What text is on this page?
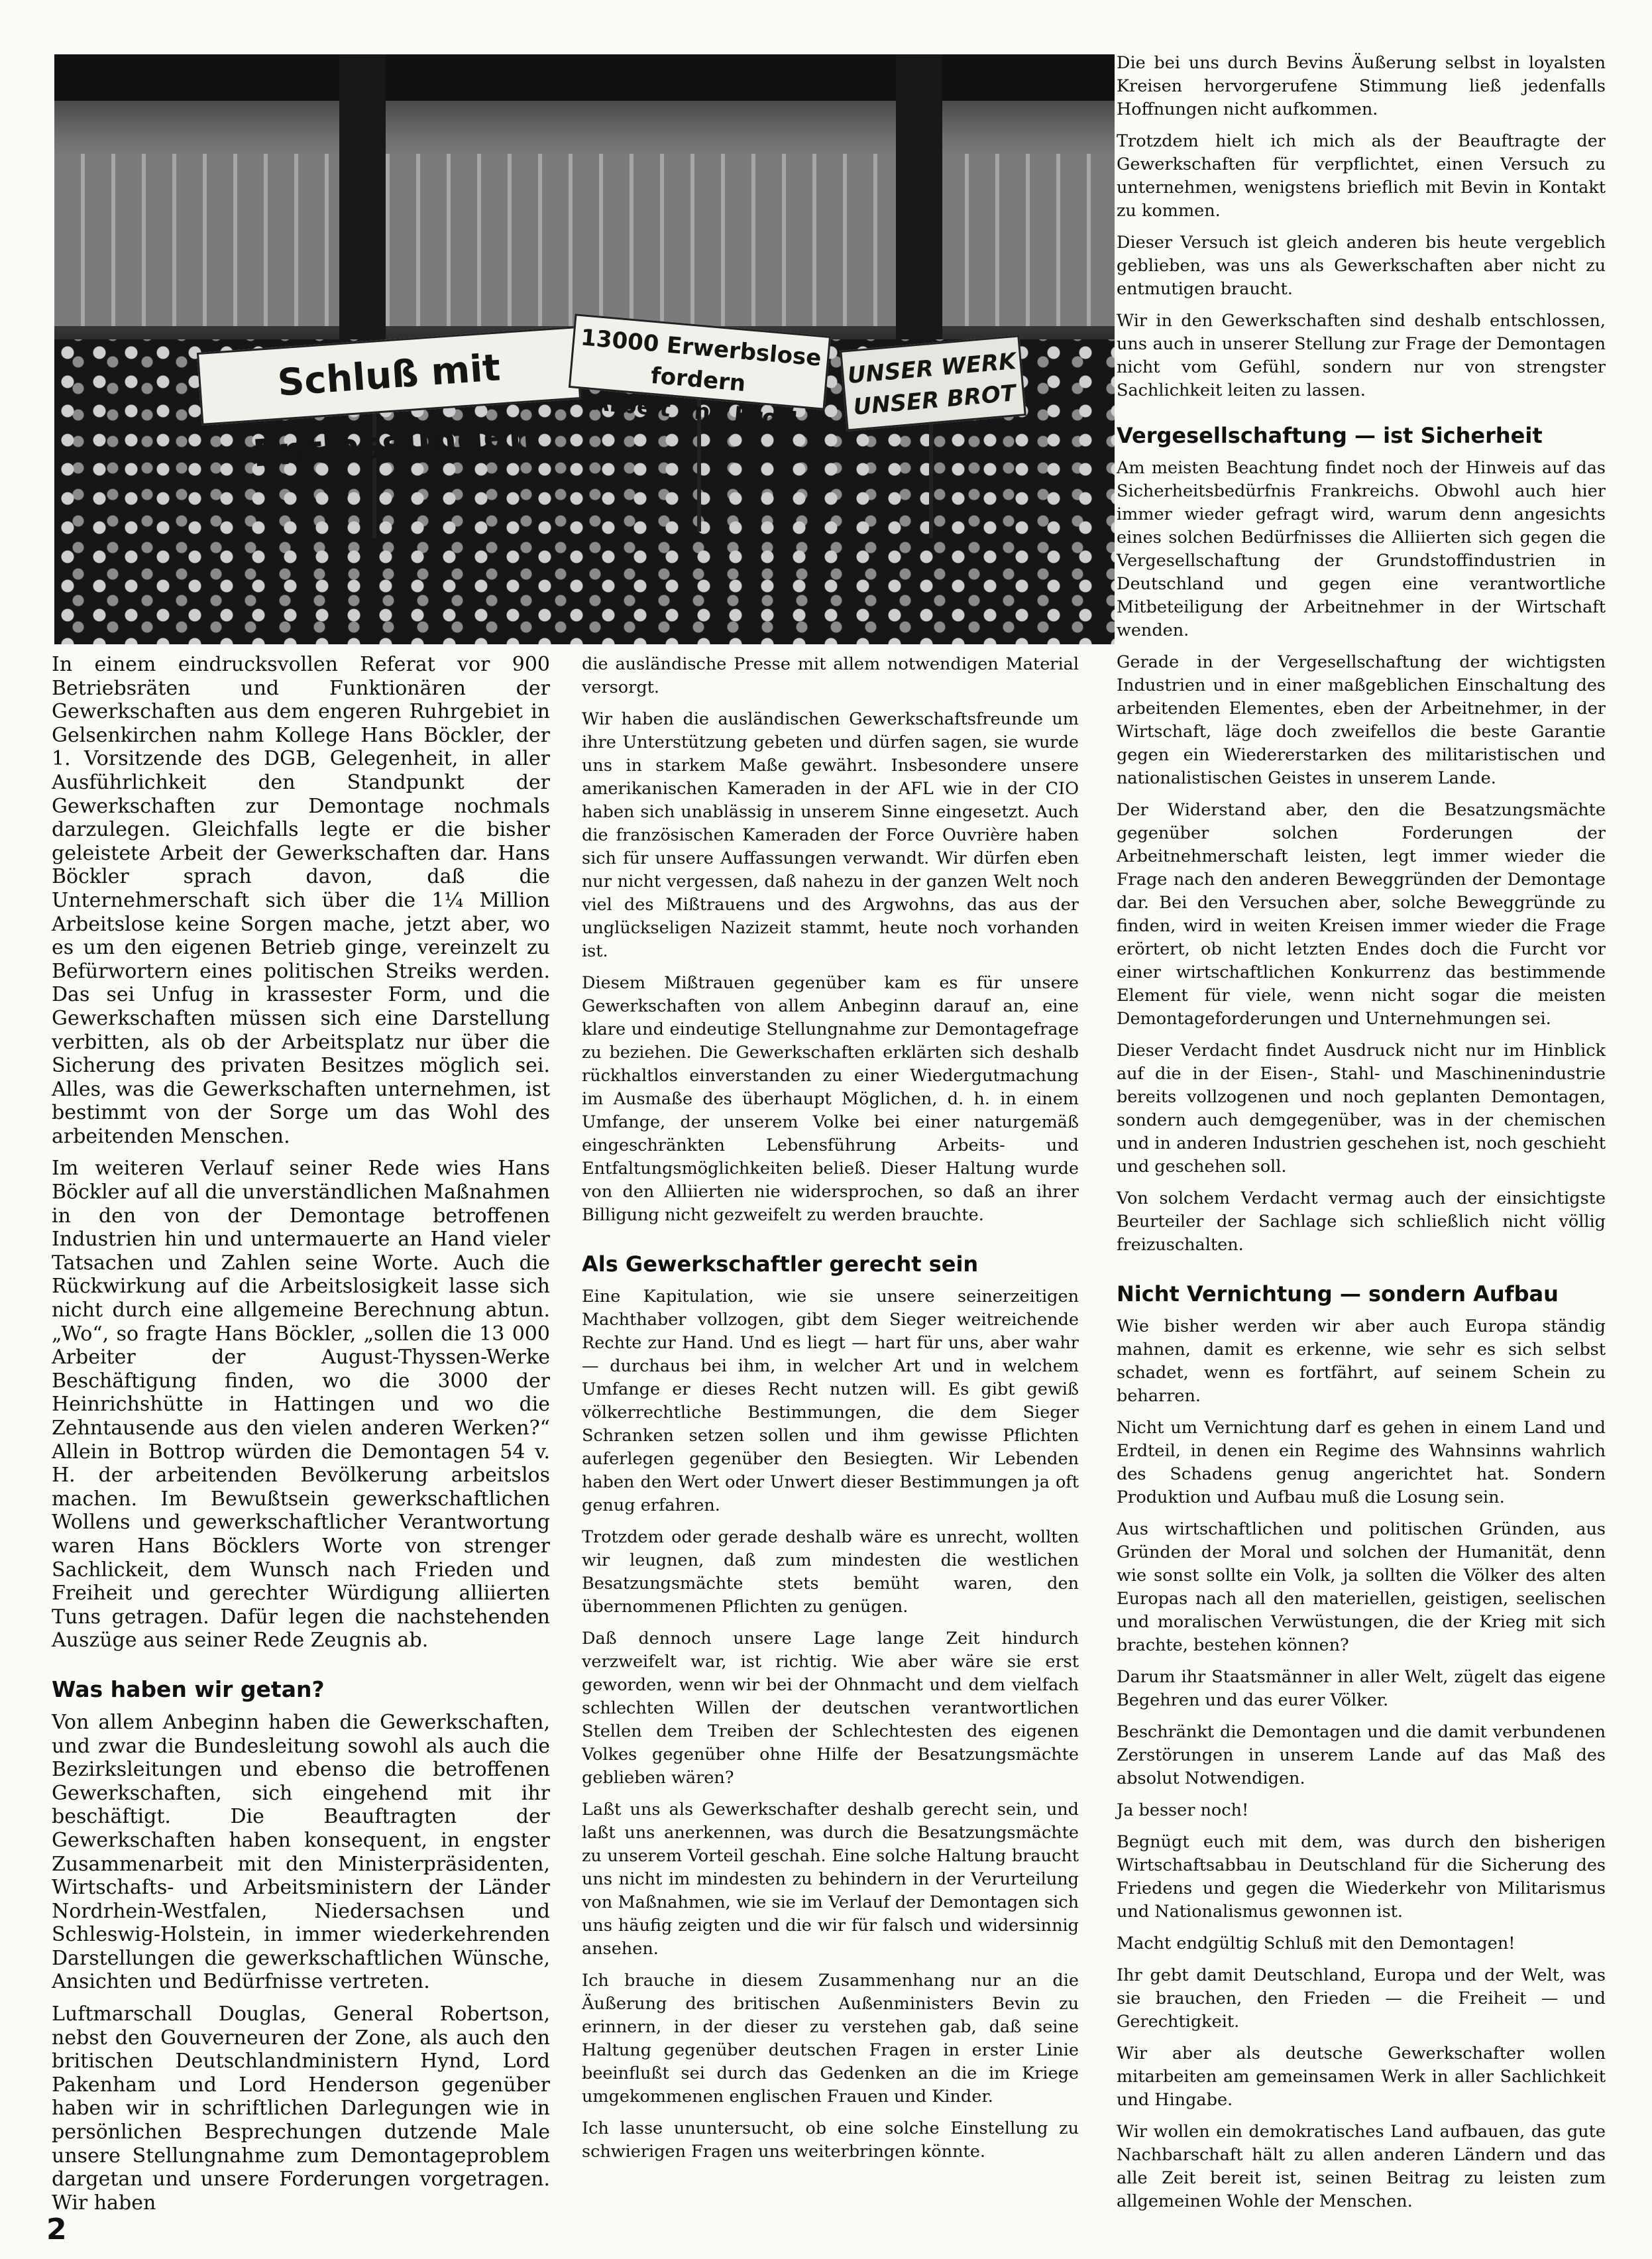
Schluß mit Entlassungen
13000 Erwerbslose fordern
Arbeit und Brot!
UNSER WERK
UNSER BROT

In einem eindrucksvollen Referat vor 900 Betriebsräten und Funktionären der Gewerkschaften aus dem engeren Ruhrgebiet in Gelsenkirchen nahm Kollege Hans Böckler, der 1. Vorsitzende des DGB, Gelegenheit, in aller Ausführlichkeit den Standpunkt der Gewerkschaften zur Demontage nochmals darzulegen. Gleichfalls legte er die bisher geleistete Arbeit der Gewerkschaften dar. Hans Böckler sprach davon, daß die Unternehmerschaft sich über die 1¼ Million Arbeitslose keine Sorgen mache, jetzt aber, wo es um den eigenen Betrieb ginge, vereinzelt zu Befürwortern eines politischen Streiks werden. Das sei Unfug in krassester Form, und die Gewerkschaften müssen sich eine Darstellung verbitten, als ob der Arbeitsplatz nur über die Sicherung des privaten Besitzes möglich sei. Alles, was die Gewerkschaften unternehmen, ist bestimmt von der Sorge um das Wohl des arbeitenden Menschen.

Im weiteren Verlauf seiner Rede wies Hans Böckler auf all die unverständlichen Maßnahmen in den von der Demontage betroffenen Industrien hin und untermauerte an Hand vieler Tatsachen und Zahlen seine Worte. Auch die Rückwirkung auf die Arbeitslosigkeit lasse sich nicht durch eine allgemeine Berechnung abtun. „Wo“, so fragte Hans Böckler, „sollen die 13 000 Arbeiter der August-Thyssen-Werke Beschäftigung finden, wo die 3000 der Heinrichshütte in Hattingen und wo die Zehntausende aus den vielen anderen Werken?“ Allein in Bottrop würden die Demontagen 54 v. H. der arbeitenden Bevölkerung arbeitslos machen. Im Bewußtsein gewerkschaftlichen Wollens und gewerkschaftlicher Verantwortung waren Hans Böcklers Worte von strenger Sachlickeit, dem Wunsch nach Frieden und Freiheit und gerechter Würdigung alliierten Tuns getragen. Dafür legen die nachstehenden Auszüge aus seiner Rede Zeugnis ab.

Was haben wir getan?

Von allem Anbeginn haben die Gewerkschaften, und zwar die Bundesleitung sowohl als auch die Bezirksleitungen und ebenso die betroffenen Gewerkschaften, sich eingehend mit ihr beschäftigt. Die Beauftragten der Gewerkschaften haben konsequent, in engster Zusammenarbeit mit den Ministerpräsidenten, Wirtschafts- und Arbeitsministern der Länder Nordrhein-Westfalen, Niedersachsen und Schleswig-Holstein, in immer wiederkehrenden Darstellungen die gewerkschaftlichen Wünsche, Ansichten und Bedürfnisse vertreten.

Luftmarschall Douglas, General Robertson, nebst den Gouverneuren der Zone, als auch den britischen Deutschlandministern Hynd, Lord Pakenham und Lord Henderson gegenüber haben wir in schriftlichen Darlegungen wie in persönlichen Besprechungen dutzende Male unsere Stellungnahme zum Demontageproblem dargetan und unsere Forderungen vorgetragen. Wir haben

die ausländische Presse mit allem notwendigen Material versorgt.

Wir haben die ausländischen Gewerkschaftsfreunde um ihre Unterstützung gebeten und dürfen sagen, sie wurde uns in starkem Maße gewährt. Insbesondere unsere amerikanischen Kameraden in der AFL wie in der CIO haben sich unablässig in unserem Sinne eingesetzt. Auch die französischen Kameraden der Force Ouvrière haben sich für unsere Auffassungen verwandt. Wir dürfen eben nur nicht vergessen, daß nahezu in der ganzen Welt noch viel des Mißtrauens und des Argwohns, das aus der unglückseligen Nazizeit stammt, heute noch vorhanden ist.

Diesem Mißtrauen gegenüber kam es für unsere Gewerkschaften von allem Anbeginn darauf an, eine klare und eindeutige Stellungnahme zur Demontagefrage zu beziehen. Die Gewerkschaften erklärten sich deshalb rückhaltlos einverstanden zu einer Wiedergutmachung im Ausmaße des überhaupt Möglichen, d. h. in einem Umfange, der unserem Volke bei einer naturgemäß eingeschränkten Lebensführung Arbeits- und Entfaltungsmöglichkeiten beließ. Dieser Haltung wurde von den Alliierten nie widersprochen, so daß an ihrer Billigung nicht gezweifelt zu werden brauchte.

Als Gewerkschaftler gerecht sein

Eine Kapitulation, wie sie unsere seinerzeitigen Machthaber vollzogen, gibt dem Sieger weitreichende Rechte zur Hand. Und es liegt — hart für uns, aber wahr — durchaus bei ihm, in welcher Art und in welchem Umfange er dieses Recht nutzen will. Es gibt gewiß völkerrechtliche Bestimmungen, die dem Sieger Schranken setzen sollen und ihm gewisse Pflichten auferlegen gegenüber den Besiegten. Wir Lebenden haben den Wert oder Unwert dieser Bestimmungen ja oft genug erfahren.

Trotzdem oder gerade deshalb wäre es unrecht, wollten wir leugnen, daß zum mindesten die westlichen Besatzungsmächte stets bemüht waren, den übernommenen Pflichten zu genügen.

Daß dennoch unsere Lage lange Zeit hindurch verzweifelt war, ist richtig. Wie aber wäre sie erst geworden, wenn wir bei der Ohnmacht und dem vielfach schlechten Willen der deutschen verantwortlichen Stellen dem Treiben der Schlechtesten des eigenen Volkes gegenüber ohne Hilfe der Besatzungsmächte geblieben wären?

Laßt uns als Gewerkschafter deshalb gerecht sein, und laßt uns anerkennen, was durch die Besatzungsmächte zu unserem Vorteil geschah. Eine solche Haltung braucht uns nicht im mindesten zu behindern in der Verurteilung von Maßnahmen, wie sie im Verlauf der Demontagen sich uns häufig zeigten und die wir für falsch und widersinnig ansehen.

Ich brauche in diesem Zusammenhang nur an die Äußerung des britischen Außenministers Bevin zu erinnern, in der dieser zu verstehen gab, daß seine Haltung gegenüber deutschen Fragen in erster Linie beeinflußt sei durch das Gedenken an die im Kriege umgekommenen englischen Frauen und Kinder.

Ich lasse ununtersucht, ob eine solche Einstellung zu schwierigen Fragen uns weiterbringen könnte.

Die bei uns durch Bevins Äußerung selbst in loyalsten Kreisen hervorgerufene Stimmung ließ jedenfalls Hoffnungen nicht aufkommen.

Trotzdem hielt ich mich als der Beauftragte der Gewerkschaften für verpflichtet, einen Versuch zu unternehmen, wenigstens brieflich mit Bevin in Kontakt zu kommen.

Dieser Versuch ist gleich anderen bis heute vergeblich geblieben, was uns als Gewerkschaften aber nicht zu entmutigen braucht.

Wir in den Gewerkschaften sind deshalb entschlossen, uns auch in unserer Stellung zur Frage der Demontagen nicht vom Gefühl, sondern nur von strengster Sachlichkeit leiten zu lassen.

Vergesellschaftung — ist Sicherheit

Am meisten Beachtung findet noch der Hinweis auf das Sicherheitsbedürfnis Frankreichs. Obwohl auch hier immer wieder gefragt wird, warum denn angesichts eines solchen Bedürfnisses die Alliierten sich gegen die Vergesellschaftung der Grundstoffindustrien in Deutschland und gegen eine verantwortliche Mitbeteiligung der Arbeitnehmer in der Wirtschaft wenden.

Gerade in der Vergesellschaftung der wichtigsten Industrien und in einer maßgeblichen Einschaltung des arbeitenden Elementes, eben der Arbeitnehmer, in der Wirtschaft, läge doch zweifellos die beste Garantie gegen ein Wiedererstarken des militaristischen und nationalistischen Geistes in unserem Lande.

Der Widerstand aber, den die Besatzungsmächte gegenüber solchen Forderungen der Arbeitnehmerschaft leisten, legt immer wieder die Frage nach den anderen Beweggründen der Demontage dar. Bei den Versuchen aber, solche Beweggründe zu finden, wird in weiten Kreisen immer wieder die Frage erörtert, ob nicht letzten Endes doch die Furcht vor einer wirtschaftlichen Konkurrenz das bestimmende Element für viele, wenn nicht sogar die meisten Demontageforderungen und Unternehmungen sei.

Dieser Verdacht findet Ausdruck nicht nur im Hinblick auf die in der Eisen-, Stahl- und Maschinenindustrie bereits vollzogenen und noch geplanten Demontagen, sondern auch demgegenüber, was in der chemischen und in anderen Industrien geschehen ist, noch geschieht und geschehen soll.

Von solchem Verdacht vermag auch der einsichtigste Beurteiler der Sachlage sich schließlich nicht völlig freizuschalten.

Nicht Vernichtung — sondern Aufbau

Wie bisher werden wir aber auch Europa ständig mahnen, damit es erkenne, wie sehr es sich selbst schadet, wenn es fortfährt, auf seinem Schein zu beharren.

Nicht um Vernichtung darf es gehen in einem Land und Erdteil, in denen ein Regime des Wahnsinns wahrlich des Schadens genug angerichtet hat. Sondern Produktion und Aufbau muß die Losung sein.

Aus wirtschaftlichen und politischen Gründen, aus Gründen der Moral und solchen der Humanität, denn wie sonst sollte ein Volk, ja sollten die Völker des alten Europas nach all den materiellen, geistigen, seelischen und moralischen Verwüstungen, die der Krieg mit sich brachte, bestehen können?

Darum ihr Staatsmänner in aller Welt, zügelt das eigene Begehren und das eurer Völker.

Beschränkt die Demontagen und die damit verbundenen Zerstörungen in unserem Lande auf das Maß des absolut Notwendigen.

Ja besser noch!

Begnügt euch mit dem, was durch den bisherigen Wirtschaftsabbau in Deutschland für die Sicherung des Friedens und gegen die Wiederkehr von Militarismus und Nationalismus gewonnen ist.

Macht endgültig Schluß mit den Demontagen!

Ihr gebt damit Deutschland, Europa und der Welt, was sie brauchen, den Frieden — die Freiheit — und Gerechtigkeit.

Wir aber als deutsche Gewerkschafter wollen mitarbeiten am gemeinsamen Werk in aller Sachlichkeit und Hingabe.

Wir wollen ein demokratisches Land aufbauen, das gute Nachbarschaft hält zu allen anderen Ländern und das alle Zeit bereit ist, seinen Beitrag zu leisten zum allgemeinen Wohle der Menschen.

2
